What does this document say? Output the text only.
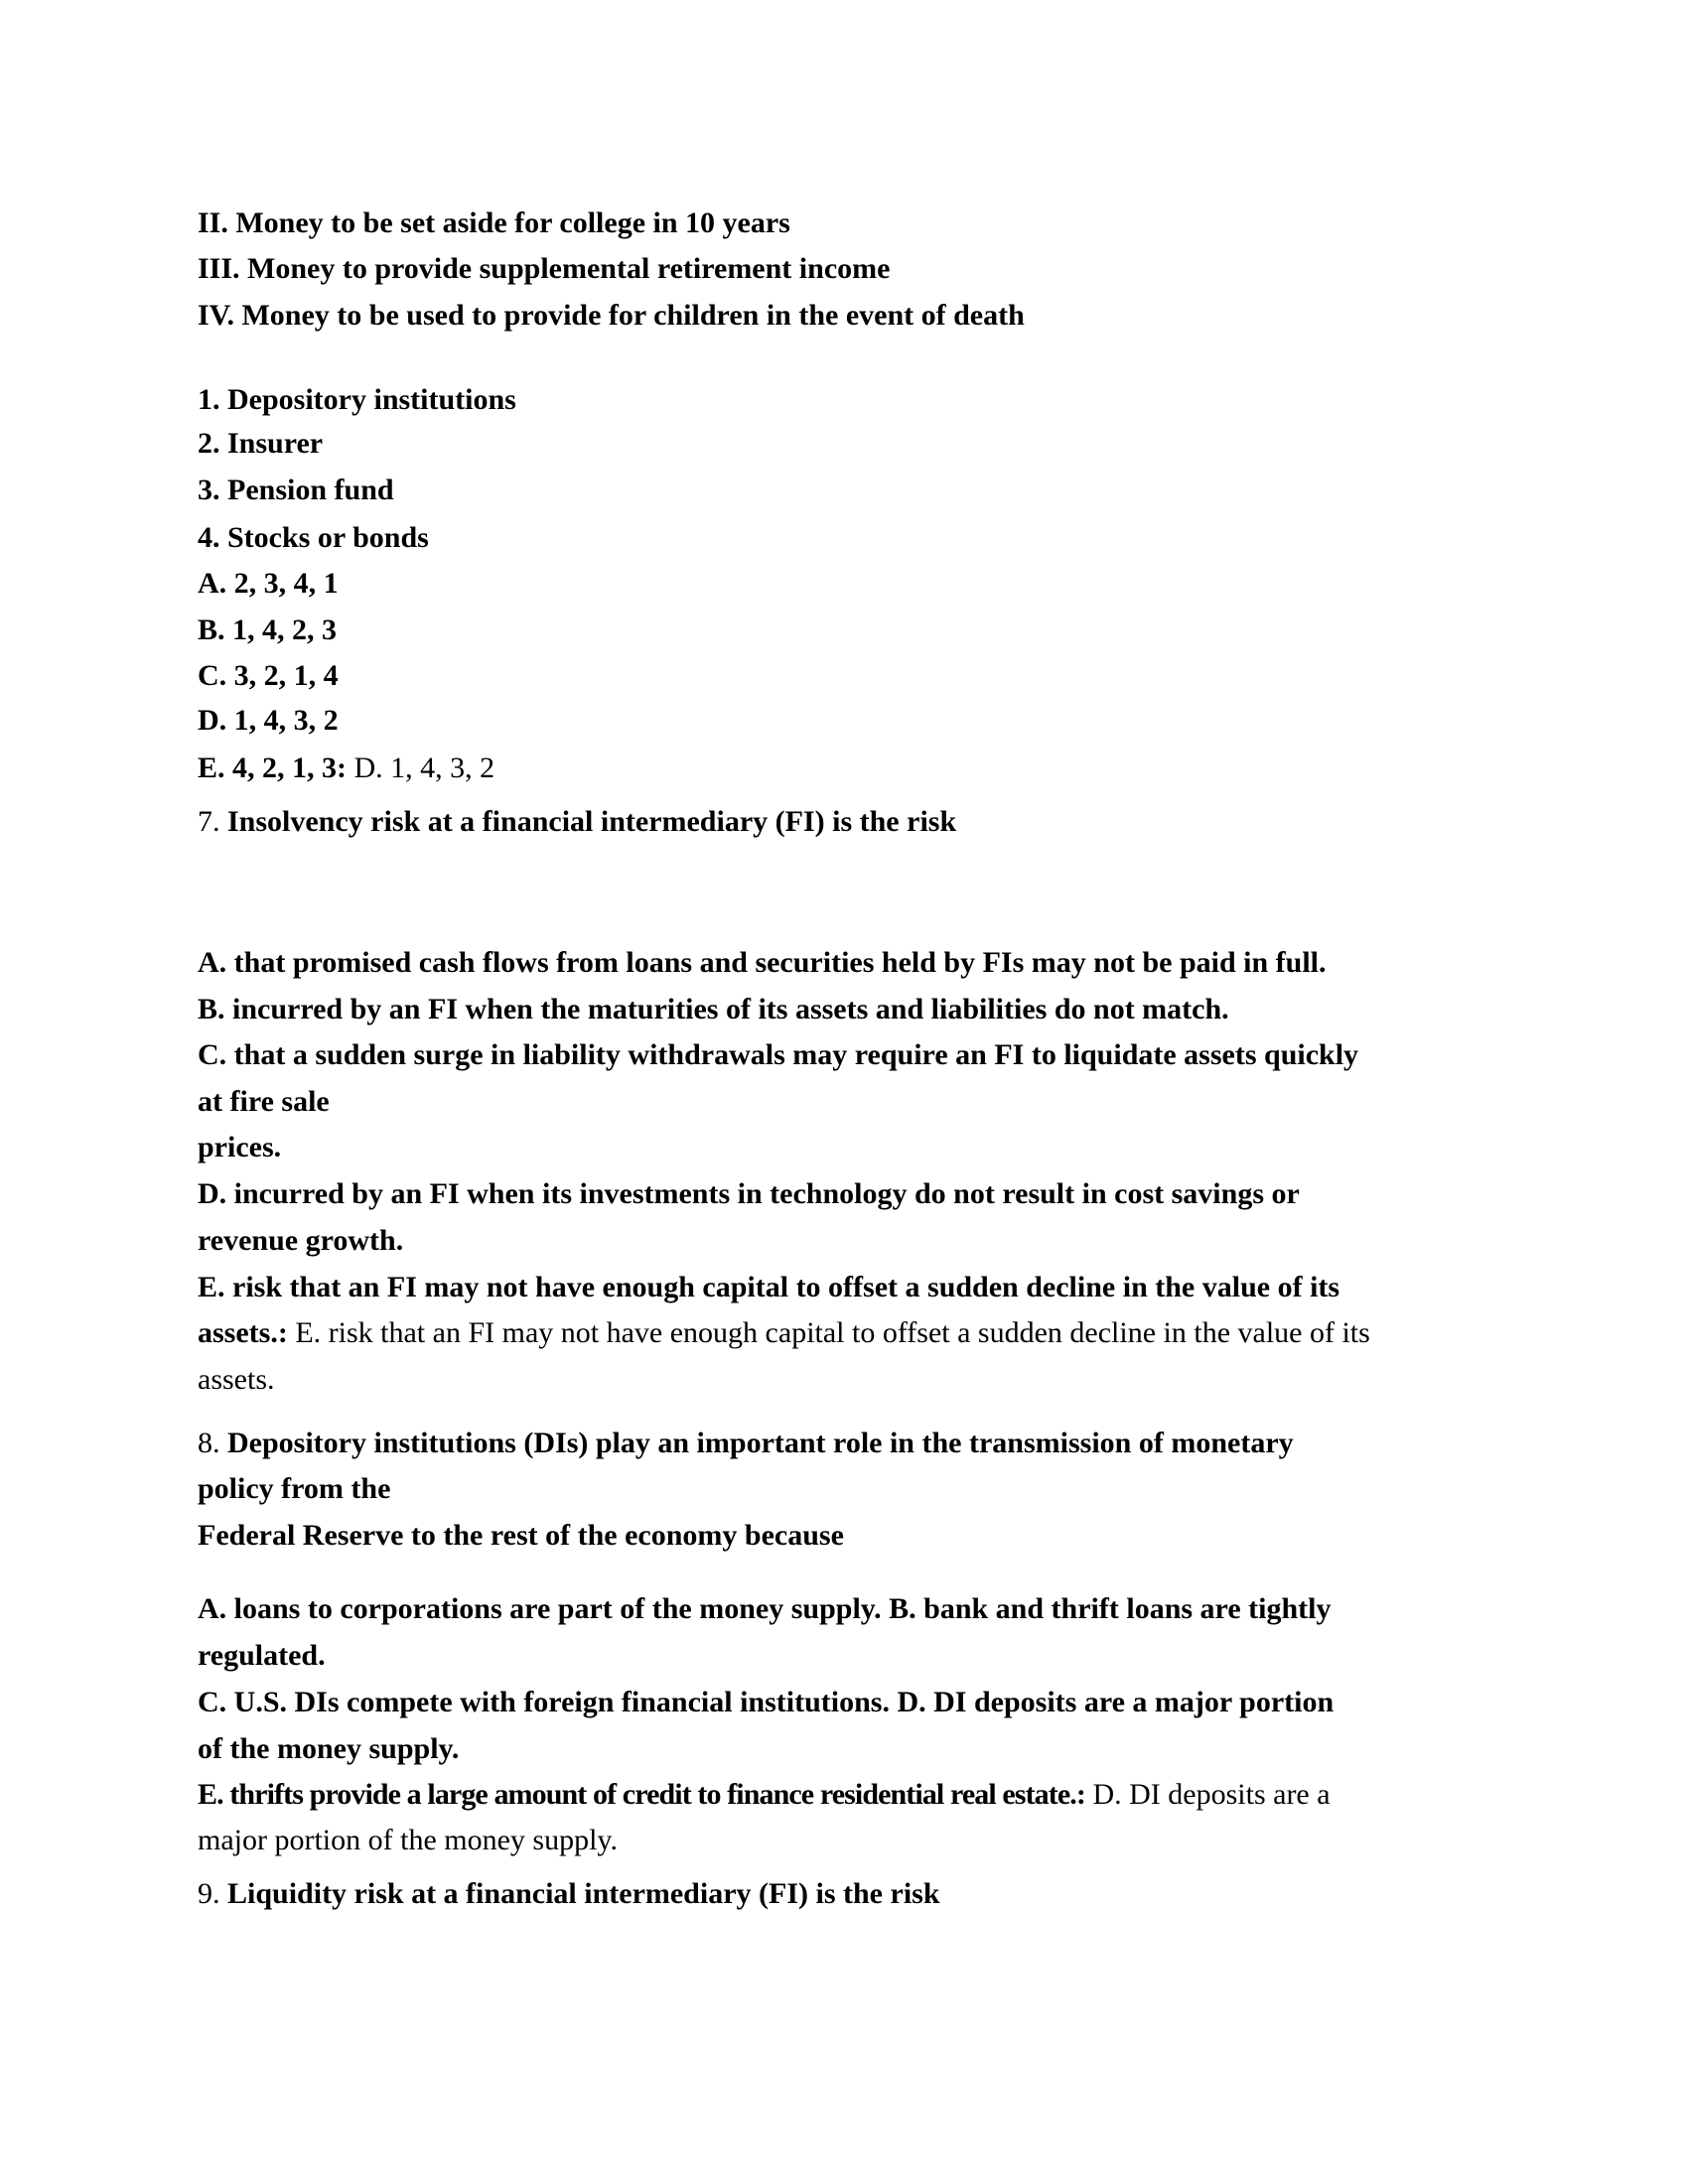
II. Money to be set aside for college in 10 years
III. Money to provide supplemental retirement income
IV. Money to be used to provide for children in the event of death
1. Depository institutions
2. Insurer
3. Pension fund
4. Stocks or bonds
A. 2, 3, 4, 1
B. 1, 4, 2, 3
C. 3, 2, 1, 4
D. 1, 4, 3, 2
E. 4, 2, 1, 3: D. 1, 4, 3, 2
7. Insolvency risk at a financial intermediary (FI) is the risk
A. that promised cash flows from loans and securities held by FIs may not be paid in full.
B. incurred by an FI when the maturities of its assets and liabilities do not match.
C. that a sudden surge in liability withdrawals may require an FI to liquidate assets quickly
at fire sale
prices.
D. incurred by an FI when its investments in technology do not result in cost savings or
revenue growth.
E. risk that an FI may not have enough capital to offset a sudden decline in the value of its
assets.: E. risk that an FI may not have enough capital to offset a sudden decline in the value of its
assets.
8. Depository institutions (DIs) play an important role in the transmission of monetary
policy from the
Federal Reserve to the rest of the economy because
A. loans to corporations are part of the money supply. B. bank and thrift loans are tightly
regulated.
C. U.S. DIs compete with foreign financial institutions. D. DI deposits are a major portion
of the money supply.
E. thrifts provide a large amount of credit to finance residential real estate.: D. DI deposits are a
major portion of the money supply.
9. Liquidity risk at a financial intermediary (FI) is the risk
